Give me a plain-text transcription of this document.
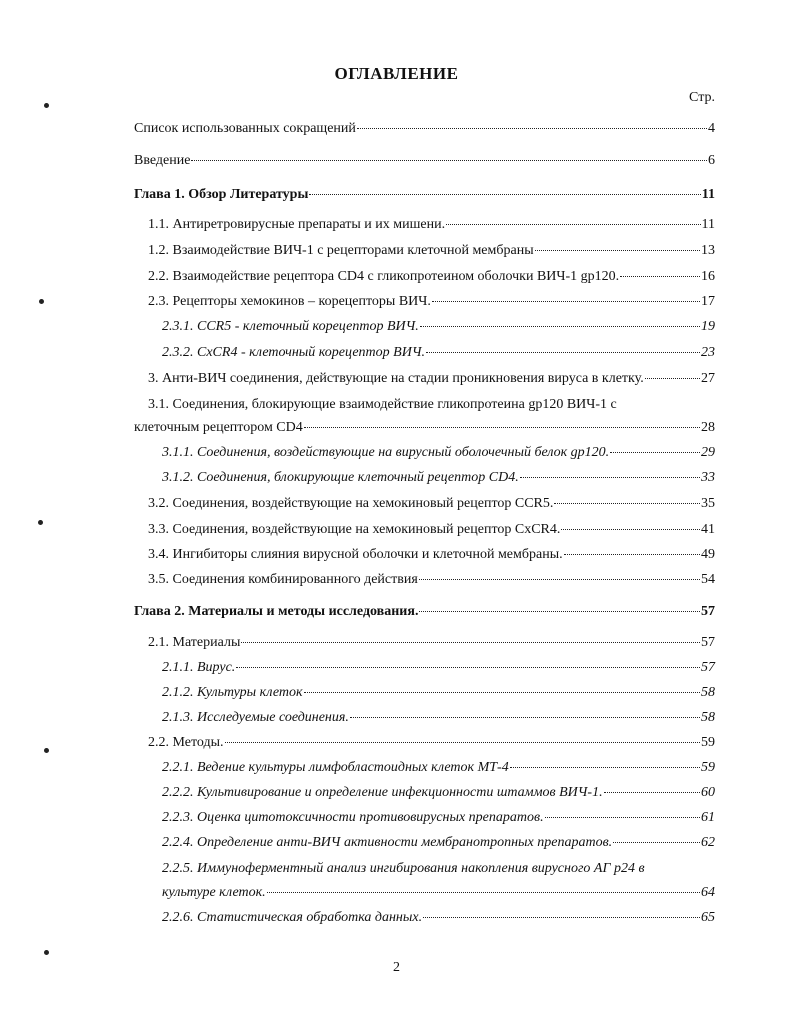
ОГЛАВЛЕНИЕ
Стр.
Список использованных сокращений	4
Введение	6
Глава 1. Обзор Литературы	11
1.1. Антиретровирусные препараты и их мишени.	11
1.2. Взаимодействие ВИЧ-1 с рецепторами клеточной мембраны	13
2.2. Взаимодействие рецептора CD4 с гликопротеином оболочки ВИЧ-1 gp120.	16
2.3. Рецепторы хемокинов – корецепторы ВИЧ.	17
2.3.1. CCR5 - клеточный корецептор ВИЧ.	19
2.3.2. CxCR4 - клеточный корецептор ВИЧ.	23
3. Анти-ВИЧ соединения, действующие на стадии проникновения вируса в клетку.	27
3.1. Соединения, блокирующие взаимодействие гликопротеина gp120 ВИЧ-1 с
клеточным рецептором CD4	28
3.1.1. Соединения, воздействующие на вирусный оболочечный белок gp120.	29
3.1.2. Соединения, блокирующие клеточный рецептор CD4.	33
3.2. Соединения, воздействующие на хемокиновый рецептор CCR5.	35
3.3. Соединения, воздействующие на хемокиновый рецептор CxCR4.	41
3.4. Ингибиторы слияния вирусной оболочки и клеточной мембраны.	49
3.5. Соединения комбинированного действия	54
Глава 2. Материалы и методы исследования.	57
2.1. Материалы	57
2.1.1. Вирус.	57
2.1.2. Культуры клеток	58
2.1.3. Исследуемые соединения.	58
2.2. Методы.	59
2.2.1. Ведение культуры лимфобластоидных клеток МТ-4	59
2.2.2. Культивирование и определение инфекционности штаммов ВИЧ-1.	60
2.2.3. Оценка цитотоксичности противовирусных препаратов.	61
2.2.4. Определение анти-ВИЧ активности мембранотропных препаратов.	62
2.2.5. Иммуноферментный анализ ингибирования накопления вирусного АГ p24 в
культуре клеток.	64
2.2.6. Статистическая обработка данных.	65
2
